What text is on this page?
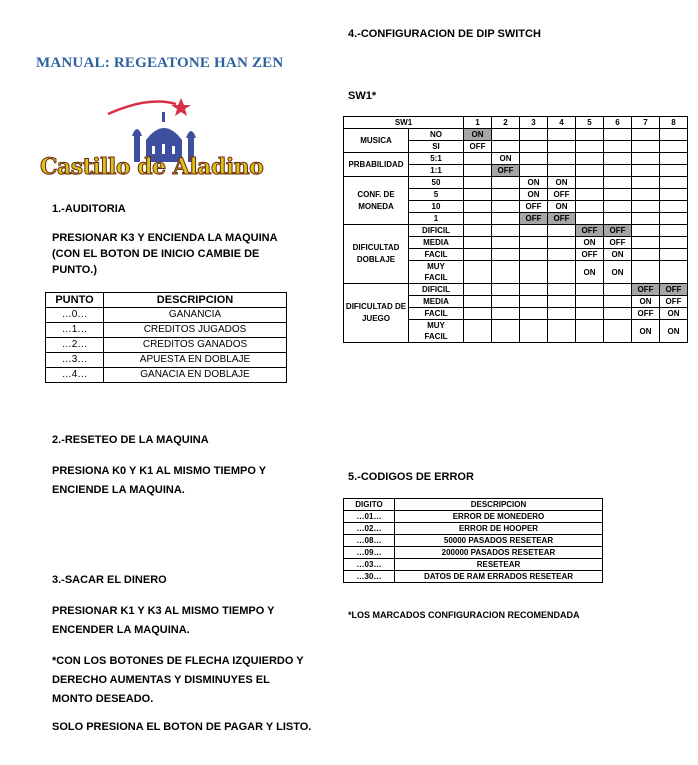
MANUAL: REGEATONE HAN ZEN
Castillo de Aladino
1.-AUDITORIA
PRESIONAR K3 Y ENCIENDA LA MAQUINA
(CON EL BOTON DE INICIO CAMBIE DE
PUNTO.)
PUNTO	DESCRIPCION
…0…	GANANCIA
…1…	CREDITOS JUGADOS
…2…	CREDITOS GANADOS
…3…	APUESTA EN DOBLAJE
…4…	GANACIA EN DOBLAJE
2.-RESETEO DE LA MAQUINA
PRESIONA K0 Y K1 AL MISMO TIEMPO Y
ENCIENDE LA MAQUINA.
3.-SACAR EL DINERO
PRESIONAR K1 Y K3 AL MISMO TIEMPO Y
ENCENDER LA MAQUINA.
*CON LOS BOTONES DE FLECHA IZQUIERDO Y
DERECHO AUMENTAS Y DISMINUYES EL
MONTO DESEADO.
SOLO PRESIONA EL BOTON DE PAGAR Y LISTO.
4.-CONFIGURACION DE DIP SWITCH
SW1*
SW1		1	2	3	4	5	6	7	8
MUSICA	NO	ON							
	SI	OFF							
PRBABILIDAD	5:1		ON						
	1:1		OFF						
CONF. DE MONEDA	50			ON	ON				
	5			ON	OFF				
	10			OFF	ON				
	1			OFF	OFF				
DIFICULTAD DOBLAJE	DIFICIL					OFF	OFF		
	MEDIA					ON	OFF		
	FACIL					OFF	ON		
	MUY FACIL					ON	ON		
DIFICULTAD DE JUEGO	DIFICIL							OFF	OFF
	MEDIA							ON	OFF
	FACIL							OFF	ON
	MUY FACIL							ON	ON
5.-CODIGOS DE ERROR
DIGITO	DESCRIPCION
…01…	ERROR DE MONEDERO
…02…	ERROR DE HOOPER
…08…	50000 PASADOS RESETEAR
…09…	200000 PASADOS RESETEAR
…03…	RESETEAR
…30…	DATOS DE RAM ERRADOS RESETEAR
*LOS MARCADOS CONFIGURACION RECOMENDADA
